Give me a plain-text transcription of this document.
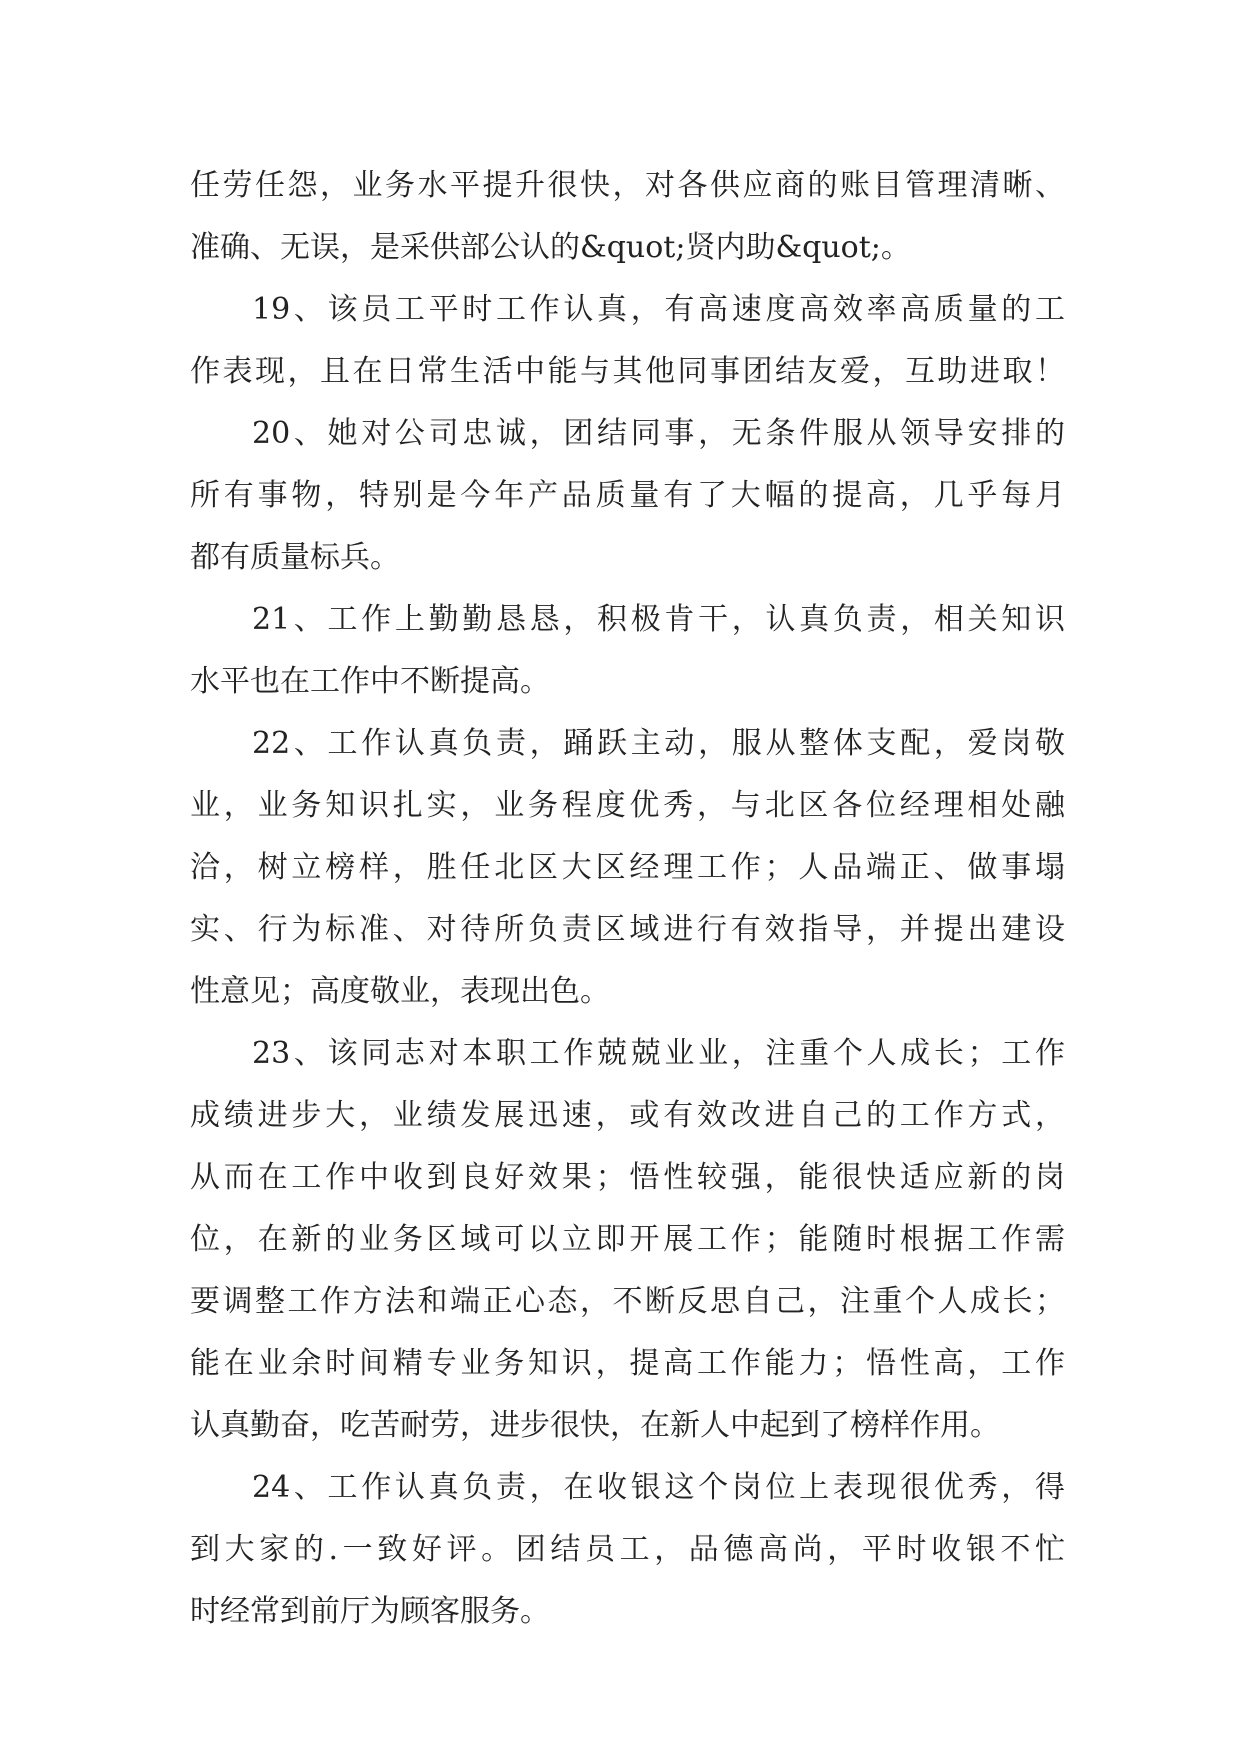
任劳任怨，业务水平提升很快，对各供应商的账目管理清晰、
准确、无误，是采供部公认的&quot;贤内助&quot;。
19、该员工平时工作认真，有高速度高效率高质量的工
作表现，且在日常生活中能与其他同事团结友爱，互助进取！
20、她对公司忠诚，团结同事，无条件服从领导安排的
所有事物，特别是今年产品质量有了大幅的提高，几乎每月
都有质量标兵。
21、工作上勤勤恳恳，积极肯干，认真负责，相关知识
水平也在工作中不断提高。
22、工作认真负责，踊跃主动，服从整体支配，爱岗敬
业，业务知识扎实，业务程度优秀，与北区各位经理相处融
洽，树立榜样，胜任北区大区经理工作；人品端正、做事塌
实、行为标准、对待所负责区域进行有效指导，并提出建设
性意见；高度敬业，表现出色。
23、该同志对本职工作兢兢业业，注重个人成长；工作
成绩进步大，业绩发展迅速，或有效改进自己的工作方式，
从而在工作中收到良好效果；悟性较强，能很快适应新的岗
位，在新的业务区域可以立即开展工作；能随时根据工作需
要调整工作方法和端正心态，不断反思自己，注重个人成长；
能在业余时间精专业务知识，提高工作能力；悟性高，工作
认真勤奋，吃苦耐劳，进步很快，在新人中起到了榜样作用。
24、工作认真负责，在收银这个岗位上表现很优秀，得
到大家的.一致好评。团结员工，品德高尚，平时收银不忙
时经常到前厅为顾客服务。
